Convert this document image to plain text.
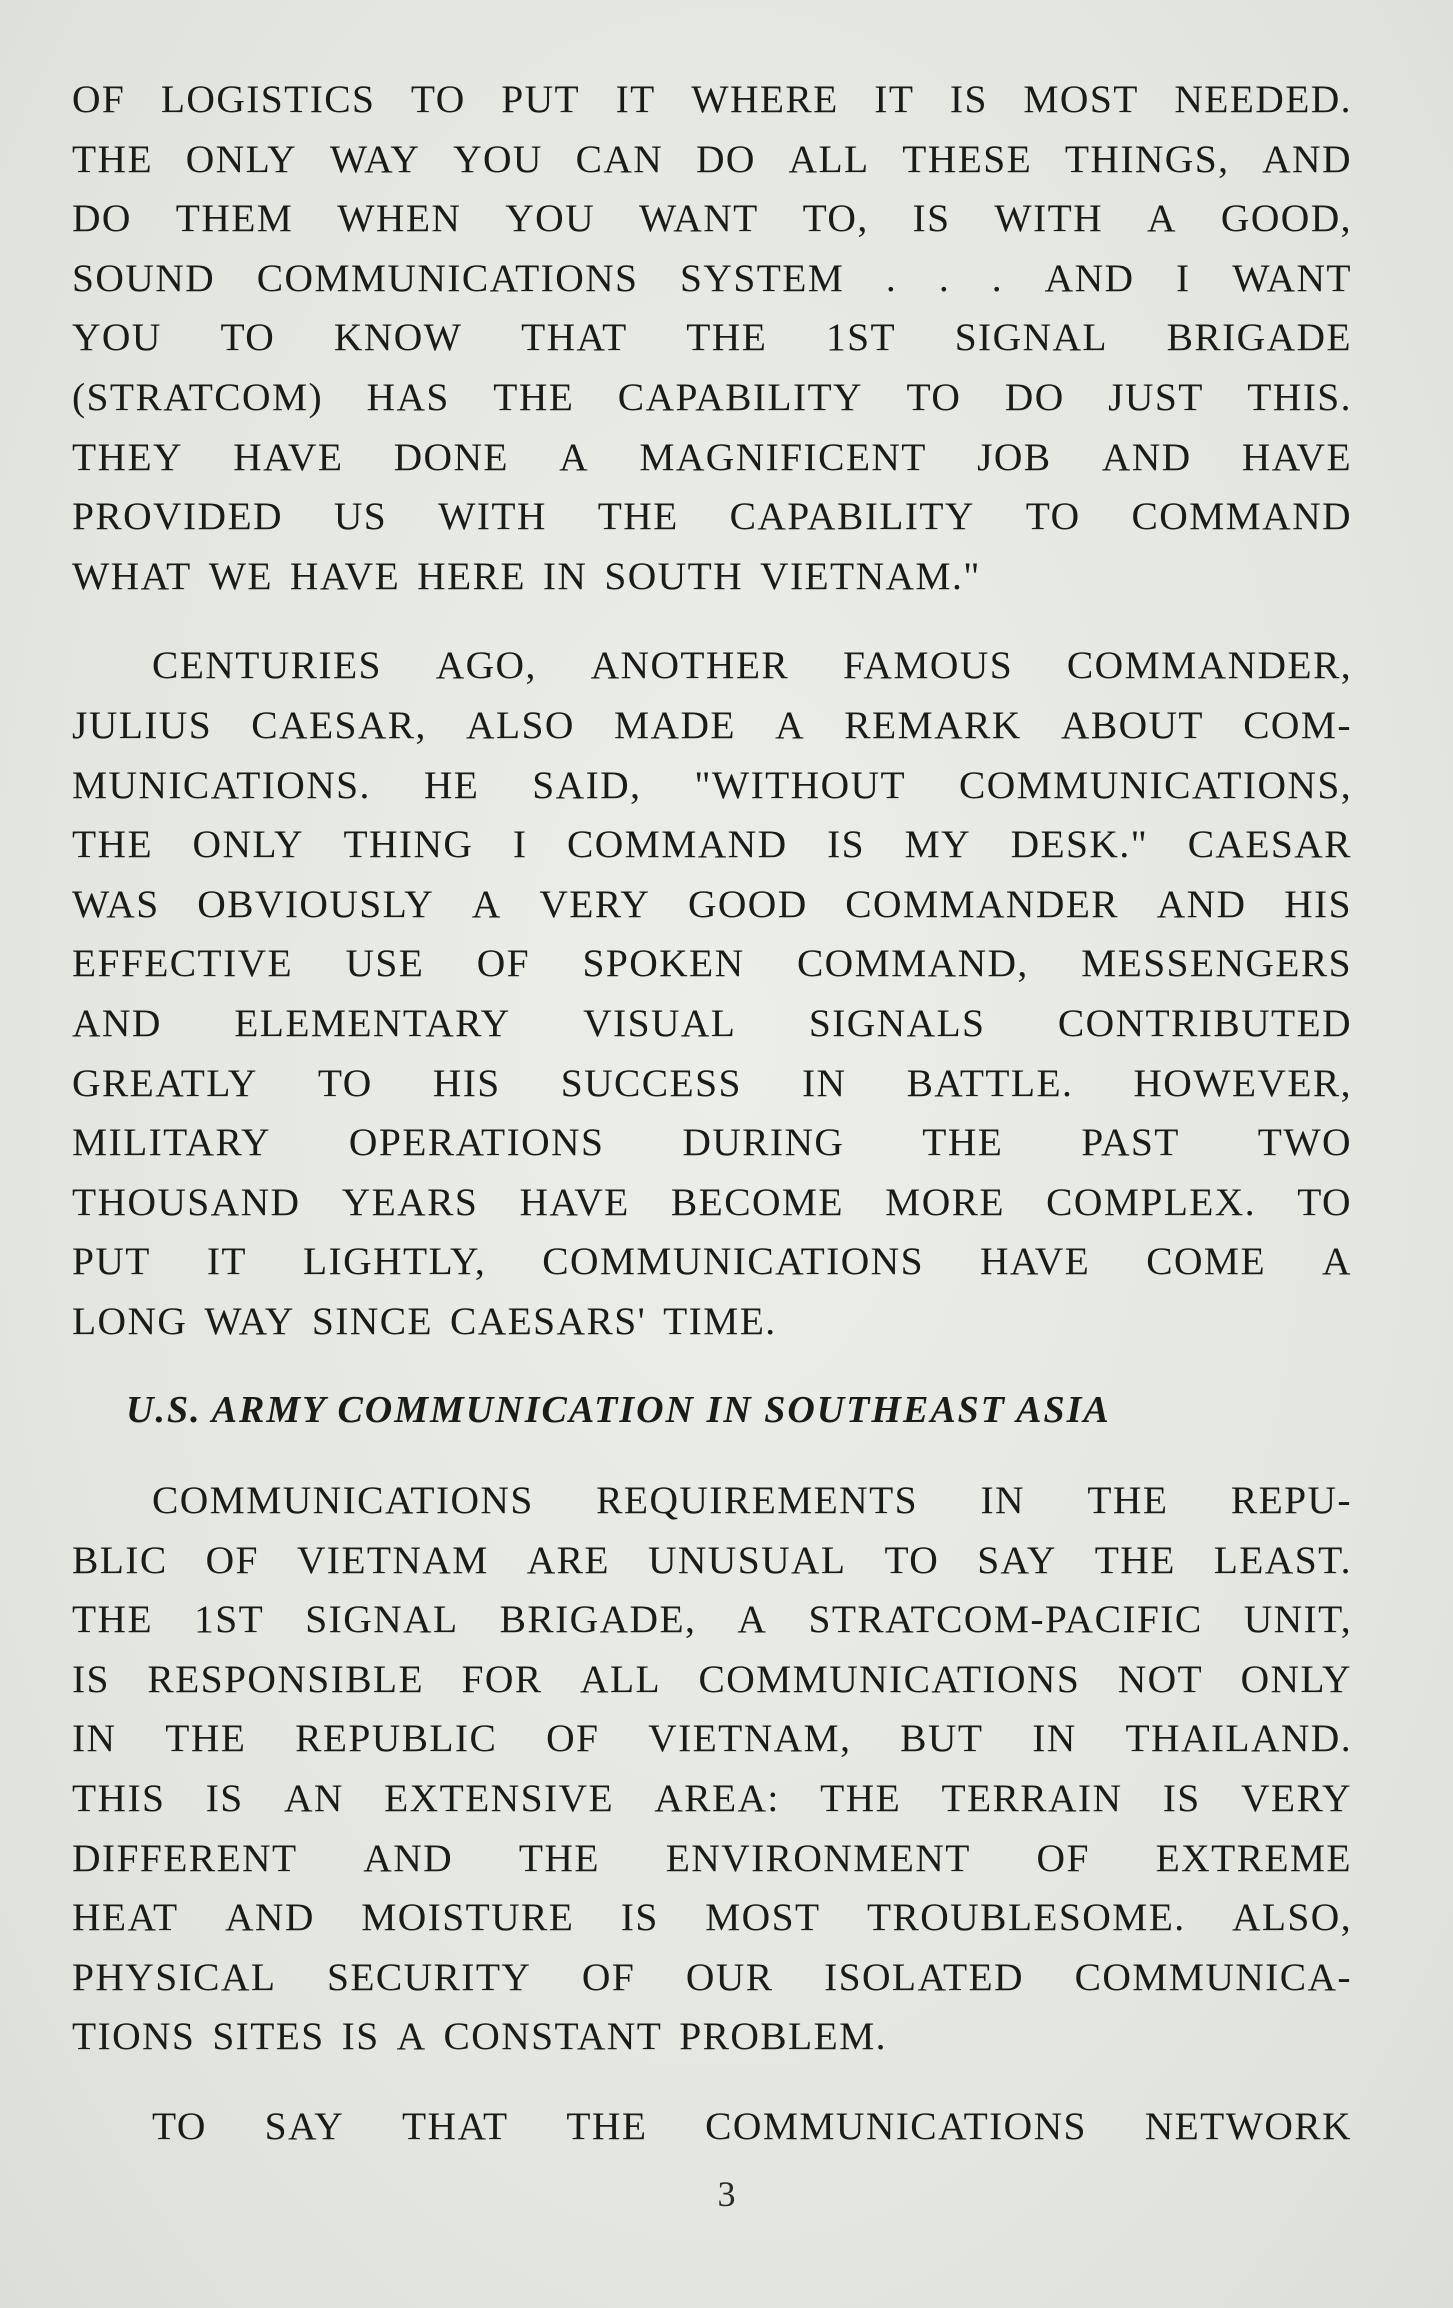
OF LOGISTICS TO PUT IT WHERE IT IS MOST NEEDED.
THE ONLY WAY YOU CAN DO ALL THESE THINGS, AND
DO THEM WHEN YOU WANT TO, IS WITH A GOOD,
SOUND COMMUNICATIONS SYSTEM . . . AND I WANT
YOU TO KNOW THAT THE 1ST SIGNAL BRIGADE
(STRATCOM) HAS THE CAPABILITY TO DO JUST THIS.
THEY HAVE DONE A MAGNIFICENT JOB AND HAVE
PROVIDED US WITH THE CAPABILITY TO COMMAND
WHAT WE HAVE HERE IN SOUTH VIETNAM."
CENTURIES AGO, ANOTHER FAMOUS COMMANDER,
JULIUS CAESAR, ALSO MADE A REMARK ABOUT COM-
MUNICATIONS. HE SAID, "WITHOUT COMMUNICATIONS,
THE ONLY THING I COMMAND IS MY DESK." CAESAR
WAS OBVIOUSLY A VERY GOOD COMMANDER AND HIS
EFFECTIVE USE OF SPOKEN COMMAND, MESSENGERS
AND ELEMENTARY VISUAL SIGNALS CONTRIBUTED
GREATLY TO HIS SUCCESS IN BATTLE. HOWEVER,
MILITARY OPERATIONS DURING THE PAST TWO
THOUSAND YEARS HAVE BECOME MORE COMPLEX. TO
PUT IT LIGHTLY, COMMUNICATIONS HAVE COME A
LONG WAY SINCE CAESARS' TIME.
U.S. ARMY COMMUNICATION IN SOUTHEAST ASIA
COMMUNICATIONS REQUIREMENTS IN THE REPU-
BLIC OF VIETNAM ARE UNUSUAL TO SAY THE LEAST.
THE 1ST SIGNAL BRIGADE, A STRATCOM-PACIFIC UNIT,
IS RESPONSIBLE FOR ALL COMMUNICATIONS NOT ONLY
IN THE REPUBLIC OF VIETNAM, BUT IN THAILAND.
THIS IS AN EXTENSIVE AREA: THE TERRAIN IS VERY
DIFFERENT AND THE ENVIRONMENT OF EXTREME
HEAT AND MOISTURE IS MOST TROUBLESOME. ALSO,
PHYSICAL SECURITY OF OUR ISOLATED COMMUNICA-
TIONS SITES IS A CONSTANT PROBLEM.
TO SAY THAT THE COMMUNICATIONS NETWORK
3
